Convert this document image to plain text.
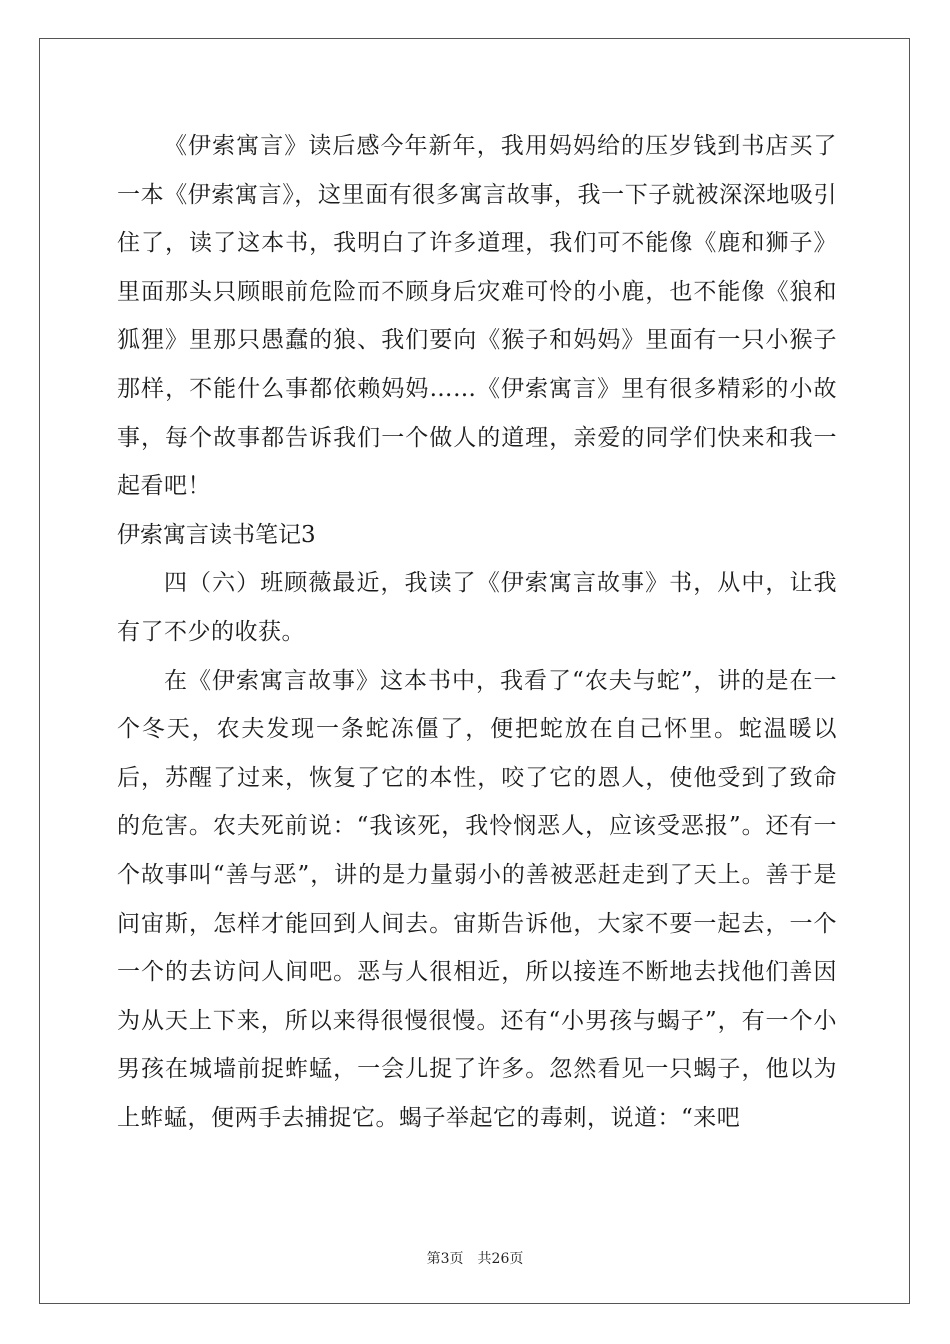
《伊索寓言》读后感今年新年，我用妈妈给的压岁钱到书店买了一本《伊索寓言》，这里面有很多寓言故事，我一下子就被深深地吸引住了，读了这本书，我明白了许多道理，我们可不能像《鹿和狮子》里面那头只顾眼前危险而不顾身后灾难可怜的小鹿，也不能像《狼和狐狸》里那只愚蠢的狼、我们要向《猴子和妈妈》里面有一只小猴子那样，不能什么事都依赖妈妈……《伊索寓言》里有很多精彩的小故事，每个故事都告诉我们一个做人的道理，亲爱的同学们快来和我一起看吧！

伊索寓言读书笔记3

四（六）班顾薇最近，我读了《伊索寓言故事》书，从中，让我有了不少的收获。

在《伊索寓言故事》这本书中，我看了“农夫与蛇”，讲的是在一个冬天，农夫发现一条蛇冻僵了，便把蛇放在自己怀里。蛇温暖以后，苏醒了过来，恢复了它的本性，咬了它的恩人，使他受到了致命的危害。农夫死前说：“我该死，我怜悯恶人，应该受恶报”。还有一个故事叫“善与恶”，讲的是力量弱小的善被恶赶走到了天上。善于是问宙斯，怎样才能回到人间去。宙斯告诉他，大家不要一起去，一个一个的去访问人间吧。恶与人很相近，所以接连不断地去找他们善因为从天上下来，所以来得很慢很慢。还有“小男孩与蝎子”，有一个小男孩在城墙前捉蚱蜢，一会儿捉了许多。忽然看见一只蝎子，他以为上蚱蜢，便两手去捕捉它。蝎子举起它的毒刺，说道：“来吧

第3页 共26页
